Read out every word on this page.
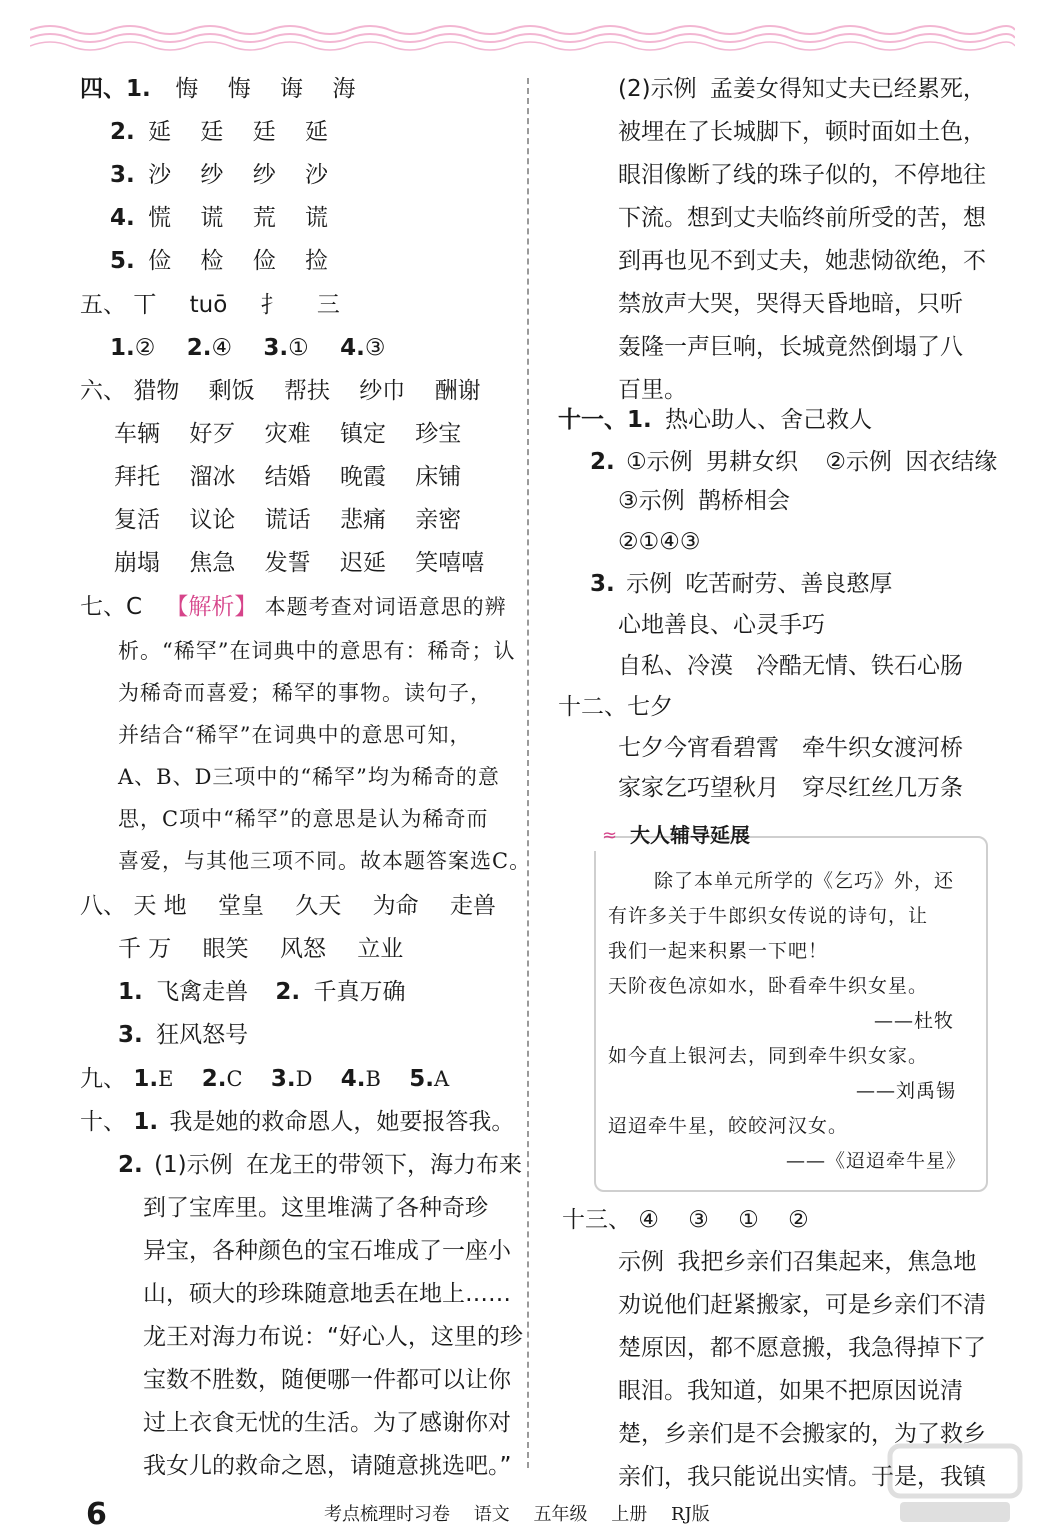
四、1. 悔 悔 诲 海
2. 延 廷 廷 延
3. 沙 纱 纱 沙
4. 慌 谎 荒 谎
5. 俭 检 俭 捡
五、 丅 tuō 扌 三
1.② 2.④ 3.① 4.③
六、 猎物 剩饭 帮扶 纱巾 酬谢
车辆 好歹 灾难 镇定 珍宝
拜托 溜冰 结婚 晚霞 床铺
复活 议论 谎话 悲痛 亲密
崩塌 焦急 发誓 迟延 笑嘻嘻
七、C 【解析】 本题考查对词语意思的辨
析。“稀罕”在词典中的意思有：稀奇；认
为稀奇而喜爱；稀罕的事物。读句子，
并结合“稀罕”在词典中的意思可知，
A、B、D三项中的“稀罕”均为稀奇的意
思，C项中“稀罕”的意思是认为稀奇而
喜爱，与其他三项不同。故本题答案选C。
八、 天 地 堂皇 久天 为命 走兽
千 万 眼笑 风怒 立业
1. 飞禽走兽 2. 千真万确
3. 狂风怒号
九、 1.E 2.C 3.D 4.B 5.A
十、 1. 我是她的救命恩人，她要报答我。
2. (1)示例 在龙王的带领下，海力布来
到了宝库里。这里堆满了各种奇珍
异宝，各种颜色的宝石堆成了一座小
山，硕大的珍珠随意地丢在地上……
龙王对海力布说：“好心人，这里的珍
宝数不胜数，随便哪一件都可以让你
过上衣食无忧的生活。为了感谢你对
我女儿的救命之恩，请随意挑选吧。”
(2)示例 孟姜女得知丈夫已经累死，
被埋在了长城脚下，顿时面如土色，
眼泪像断了线的珠子似的，不停地往
下流。想到丈夫临终前所受的苦，想
到再也见不到丈夫，她悲恸欲绝，不
禁放声大哭，哭得天昏地暗，只听
轰隆一声巨响，长城竟然倒塌了八
百里。
十一、1. 热心助人、舍己救人
2. ①示例 男耕女织 ②示例 因衣结缘
③示例 鹊桥相会
②①④③
3. 示例 吃苦耐劳、善良憨厚
心地善良、心灵手巧
自私、冷漠　冷酷无情、铁石心肠
十二、七夕
七夕今宵看碧霄　牵牛织女渡河桥
家家乞巧望秋月　穿尽红丝几万条
≈ 大人辅导延展
除了本单元所学的《乞巧》外，还
有许多关于牛郎织女传说的诗句，让
我们一起来积累一下吧！
天阶夜色凉如水，卧看牵牛织女星。
——杜牧
如今直上银河去，同到牵牛织女家。
——刘禹锡
迢迢牵牛星，皎皎河汉女。
——《迢迢牵牛星》
十三、 ④ ③ ① ②
示例 我把乡亲们召集起来，焦急地
劝说他们赶紧搬家，可是乡亲们不清
楚原因，都不愿意搬，我急得掉下了
眼泪。我知道，如果不把原因说清
楚，乡亲们是不会搬家的，为了救乡
亲们，我只能说出实情。于是，我镇
6	考点梳理时习卷 语文 五年级 上册 RJ版
